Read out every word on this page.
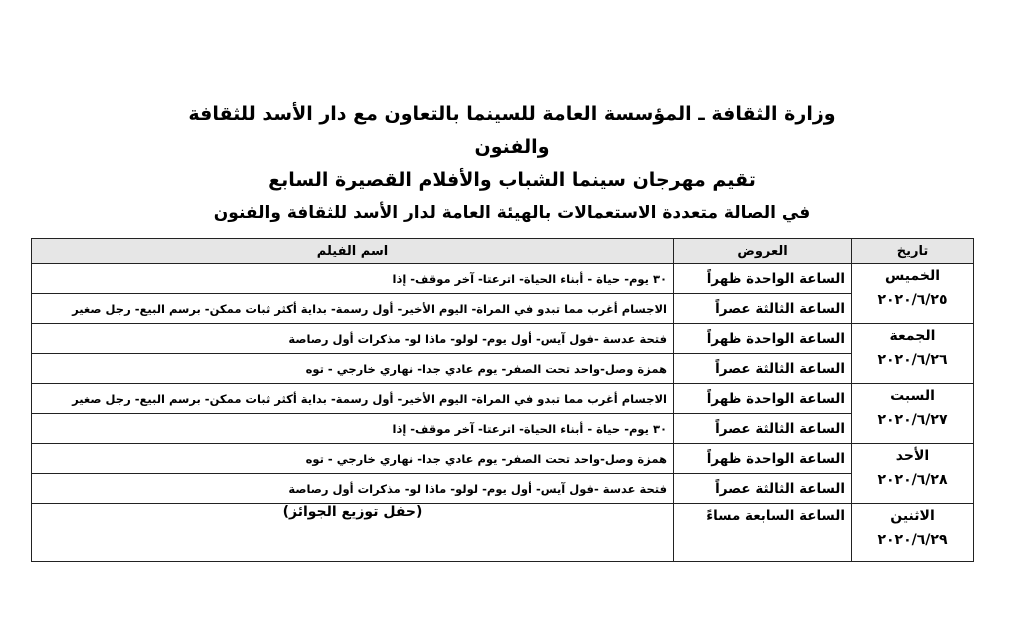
وزارة الثقافة ـ المؤسسة العامة للسينما بالتعاون مع دار الأسد للثقافة والفنون
تقيم مهرجان سينما الشباب والأفلام القصيرة السابع
في الصالة متعددة الاستعمالات بالهيئة العامة لدار الأسد للثقافة والفنون
تاريخ	العروض	اسم الفيلم
الخميس
٢٠٢٠/٦/٢٥	الساعة الواحدة ظهراً	٣٠ يوم- حياة - أبناء الحياة- اترعتا- آخر موقف- إذا
	الساعة الثالثة عصراً	الاجسام أغرب مما تبدو في المراة- اليوم الأخير- أول رسمة- بداية أكثر ثبات ممكن- برسم البيع- رجل صغير
الجمعة
٢٠٢٠/٦/٢٦	الساعة الواحدة ظهراً	فتحة عدسة -فول آيس- أول يوم- لولو- ماذا لو- مذكرات أول رصاصة
	الساعة الثالثة عصراً	همزة وصل-واحد تحت الصفر- يوم عادي جدا- نهاري خارجي - توه
السبت
٢٠٢٠/٦/٢٧	الساعة الواحدة ظهراً	الاجسام أغرب مما تبدو في المراة- اليوم الأخير- أول رسمة- بداية أكثر ثبات ممكن- برسم البيع- رجل صغير
	الساعة الثالثة عصراً	٣٠ يوم- حياة - أبناء الحياة- اترعتا- آخر موقف- إذا
الأحد
٢٠٢٠/٦/٢٨	الساعة الواحدة ظهراً	همزة وصل-واحد تحت الصفر- يوم عادي جدا- نهاري خارجي - توه
	الساعة الثالثة عصراً	فتحة عدسة -فول آيس- أول يوم- لولو- ماذا لو- مذكرات أول رصاصة
الاثنين
٢٠٢٠/٦/٢٩	الساعة السابعة مساءً	(حفل توزيع الجوائز)
